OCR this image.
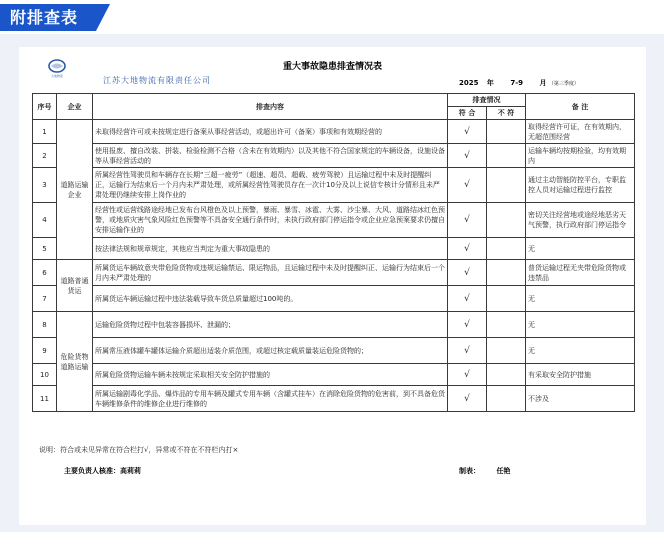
附排查表
大地物流	江苏大地物流有限责任公司
重大事故隐患排查情况表
2025 年 7-9 月 （第三季度）
序号	企业	排查内容	排查情况		备 注
			符 合	不 符	
1	道路运输企业	未取得经营许可或未按规定进行备案从事经营活动，或超出许可（备案）事项和有效期经营的	√		取得经营许可证，在有效期内，无超范围经营
2		使用报废、擅自改装、拼装、检验检测不合格（含未在有效期内）以及其他不符合国家规定的车辆设备，设施设备等从事经营活动的	√		运输车辆均按期检验，均有效期内
3		所属经营性驾驶员和车辆存在长期“三超一疲劳”（超速、超员、超载、疲劳驾驶）且运输过程中未及时提醒纠正，运输行为结束后一个月内未严肃处理，或所属经营性驾驶员存在一次计10分及以上说信专核计分情形且未严肃处理仍继续安排上岗作业的	√		通过主动智能防控平台，专职监控人员对运输过程进行监控
4		经营性或运营线路途经地已发布台风橙色及以上预警，暴雨、暴雪、冰雹、大雾、沙尘暴、大风、道路结冰红色预警，或地质灾害气象风险红色预警等不具备安全通行条件时，未执行政府部门停运指令或企业应急预案要求仍擅自安排运输作业的	√		密切关注经营地或途经地恶劣天气预警，执行政府部门停运指令
5		按法律法规和规章规定，其他应当判定为重大事故隐患的	√		无
6	道路普通货运	所属货运车辆故意夹带危险货物或违规运输禁运、限运物品，且运输过程中未及时提醒纠正、运输行为结束后一个月内未严肃处理的	√		普货运输过程无夹带危险货物或违禁品
7		所属货运车辆运输过程中违法装载导致车货总质量超过100吨的。	√		无
8	危险货物道路运输	运输危险货物过程中包装容器损坏、泄漏的；	√		无
9		所属常压液体罐车罐体运输介质超出适装介质范围，或超过核定载质量装运危险货物的；	√		无
10		所属危险货物运输车辆未按规定采取相关安全防护措施的	√		有采取安全防护措施
11		所属运输剧毒化学品、爆炸品的专用车辆及罐式专用车辆（含罐式挂车）在消除危险货物的危害前，到不具备危货车辆维修条件的维修企业进行维修的	√		不涉及
说明：符合或未见异常在符合栏打√，异常或不符在不符栏内打×
主要负责人核准：高莉莉	制表： 任艳
